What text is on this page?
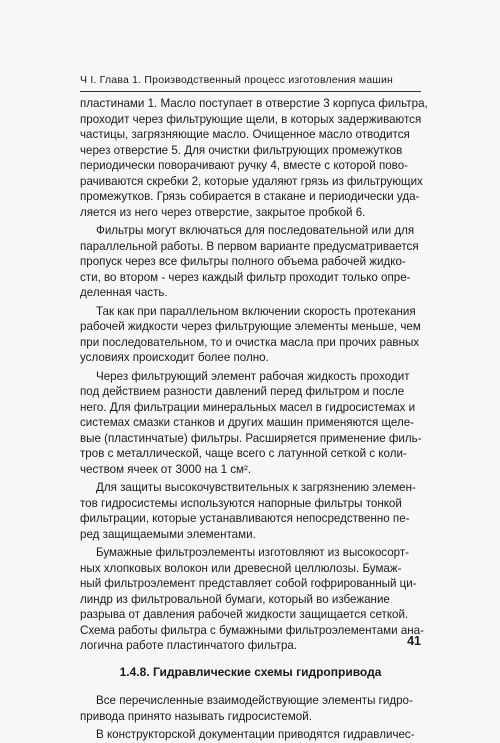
Ч I. Глава 1. Производственный процесс изготовления машин
пластинами 1. Масло поступает в отверстие 3 корпуса фильтра,
проходит через фильтрующие щели, в которых задерживаются
частицы, загрязняющие масло. Очищенное масло отводится
через отверстие 5. Для очистки фильтрующих промежутков
периодически поворачивают ручку 4, вместе с которой пово-
рачиваются скребки 2, которые удаляют грязь из фильтрующих
промежутков. Грязь собирается в стакане и периодически уда-
ляется из него через отверстие, закрытое пробкой 6.
Фильтры могут включаться для последовательной или для
параллельной работы. В первом варианте предусматривается
пропуск через все фильтры полного объема рабочей жидко-
сти, во втором - через каждый фильтр проходит только опре-
деленная часть.
Так как при параллельном включении скорость протекания
рабочей жидкости через фильтрующие элементы меньше, чем
при последовательном, то и очистка масла при прочих равных
условиях происходит более полно.
Через фильтрующий элемент рабочая жидкость проходит
под действием разности давлений перед фильтром и после
него. Для фильтрации минеральных масел в гидросистемах и
системах смазки станков и других машин применяются щеле-
вые (пластинчатые) фильтры. Расширяется применение филь-
тров с металлической, чаще всего с латунной сеткой с коли-
чеством ячеек от 3000 на 1 см².
Для защиты высокочувствительных к загрязнению элемен-
тов гидросистемы используются напорные фильтры тонкой
фильтрации, которые устанавливаются непосредственно пе-
ред защищаемыми элементами.
Бумажные фильтроэлементы изготовляют из высокосорт-
ных хлопковых волокон или древесной целлюлозы. Бумаж-
ный фильтроэлемент представляет собой гофрированный ци-
линдр из фильтровальной бумаги, который во избежание
разрыва от давления рабочей жидкости защищается сеткой.
Схема работы фильтра с бумажными фильтроэлементами ана-
логична работе пластинчатого фильтра.
1.4.8. Гидравлические схемы гидропривода
Все перечисленные взаимодействующие элементы гидро-
привода принято называть гидросистемой.
В конструкторской документации приводятся гидравличес-
41
